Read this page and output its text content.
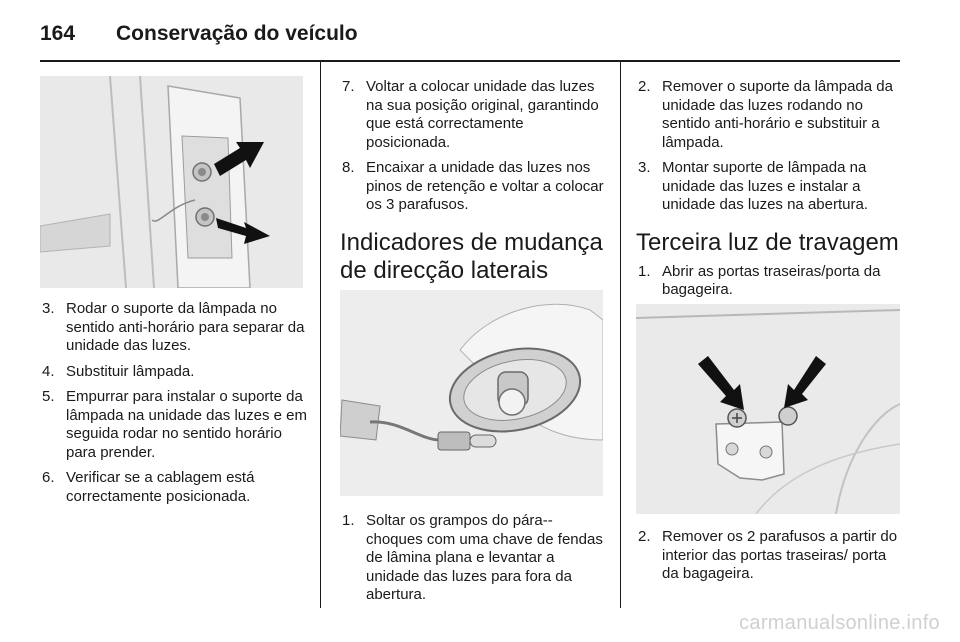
164 Conservação do veículo
3. Rodar o suporte da lâmpada no sentido anti-horário para separar da unidade das luzes.
4. Substituir lâmpada.
5. Empurrar para instalar o suporte da lâmpada na unidade das luzes e em seguida rodar no sentido horário para prender.
6. Verificar se a cablagem está correctamente posicionada.
7. Voltar a colocar unidade das luzes na sua posição original, garantindo que está correctamente posicionada.
8. Encaixar a unidade das luzes nos pinos de retenção e voltar a colocar os 3 parafusos.
Indicadores de mudança de direcção laterais
1. Soltar os grampos do pára--choques com uma chave de fendas de lâmina plana e levantar a unidade das luzes para fora da abertura.
2. Remover o suporte da lâmpada da unidade das luzes rodando no sentido anti-horário e substituir a lâmpada.
3. Montar suporte de lâmpada na unidade das luzes e instalar a unidade das luzes na abertura.
Terceira luz de travagem
1. Abrir as portas traseiras/porta da bagageira.
2. Remover os 2 parafusos a partir do interior das portas traseiras/ porta da bagageira.
carmanualsonline.info
